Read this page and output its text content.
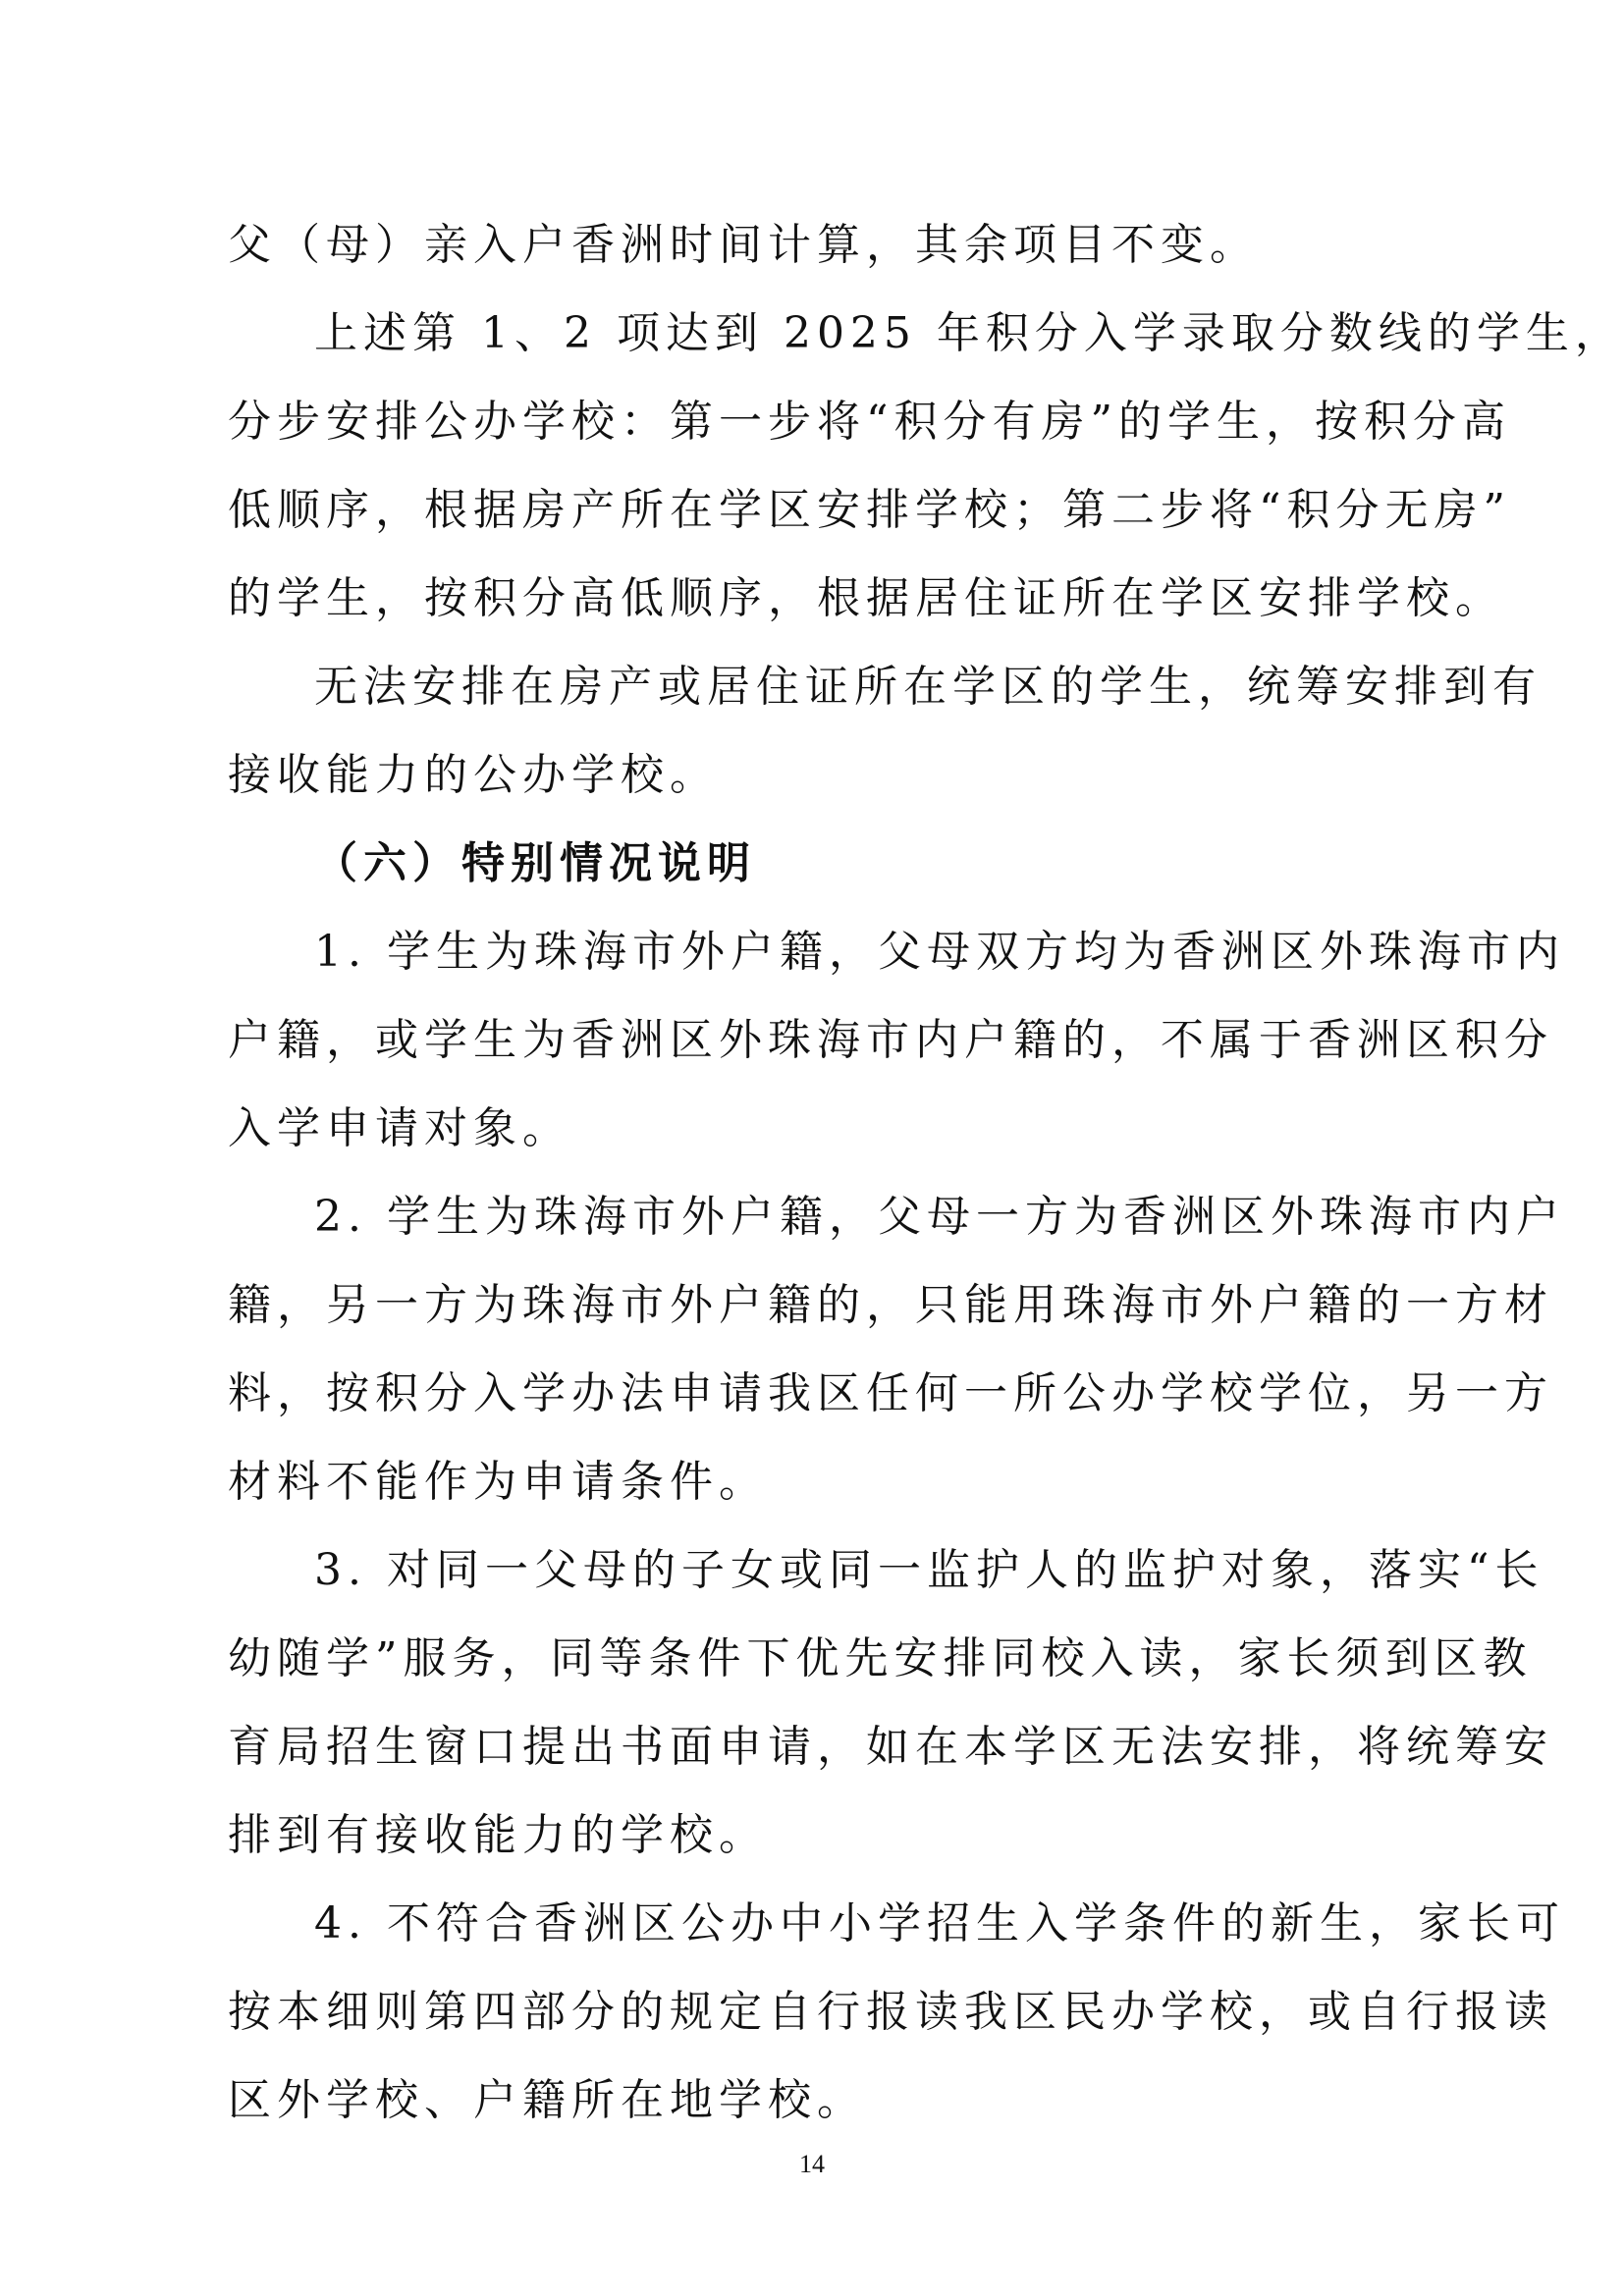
父（母）亲入户香洲时间计算，其余项目不变。
上述第 1、2 项达到 2025 年积分入学录取分数线的学生，
分步安排公办学校：第一步将“积分有房”的学生，按积分高
低顺序，根据房产所在学区安排学校；第二步将“积分无房”
的学生，按积分高低顺序，根据居住证所在学区安排学校。
无法安排在房产或居住证所在学区的学生，统筹安排到有
接收能力的公办学校。
（六）特别情况说明
1. 学生为珠海市外户籍，父母双方均为香洲区外珠海市内
户籍，或学生为香洲区外珠海市内户籍的，不属于香洲区积分
入学申请对象。
2. 学生为珠海市外户籍，父母一方为香洲区外珠海市内户
籍，另一方为珠海市外户籍的，只能用珠海市外户籍的一方材
料，按积分入学办法申请我区任何一所公办学校学位，另一方
材料不能作为申请条件。
3. 对同一父母的子女或同一监护人的监护对象，落实“长
幼随学”服务，同等条件下优先安排同校入读，家长须到区教
育局招生窗口提出书面申请，如在本学区无法安排，将统筹安
排到有接收能力的学校。
4. 不符合香洲区公办中小学招生入学条件的新生，家长可
按本细则第四部分的规定自行报读我区民办学校，或自行报读
区外学校、户籍所在地学校。
14
